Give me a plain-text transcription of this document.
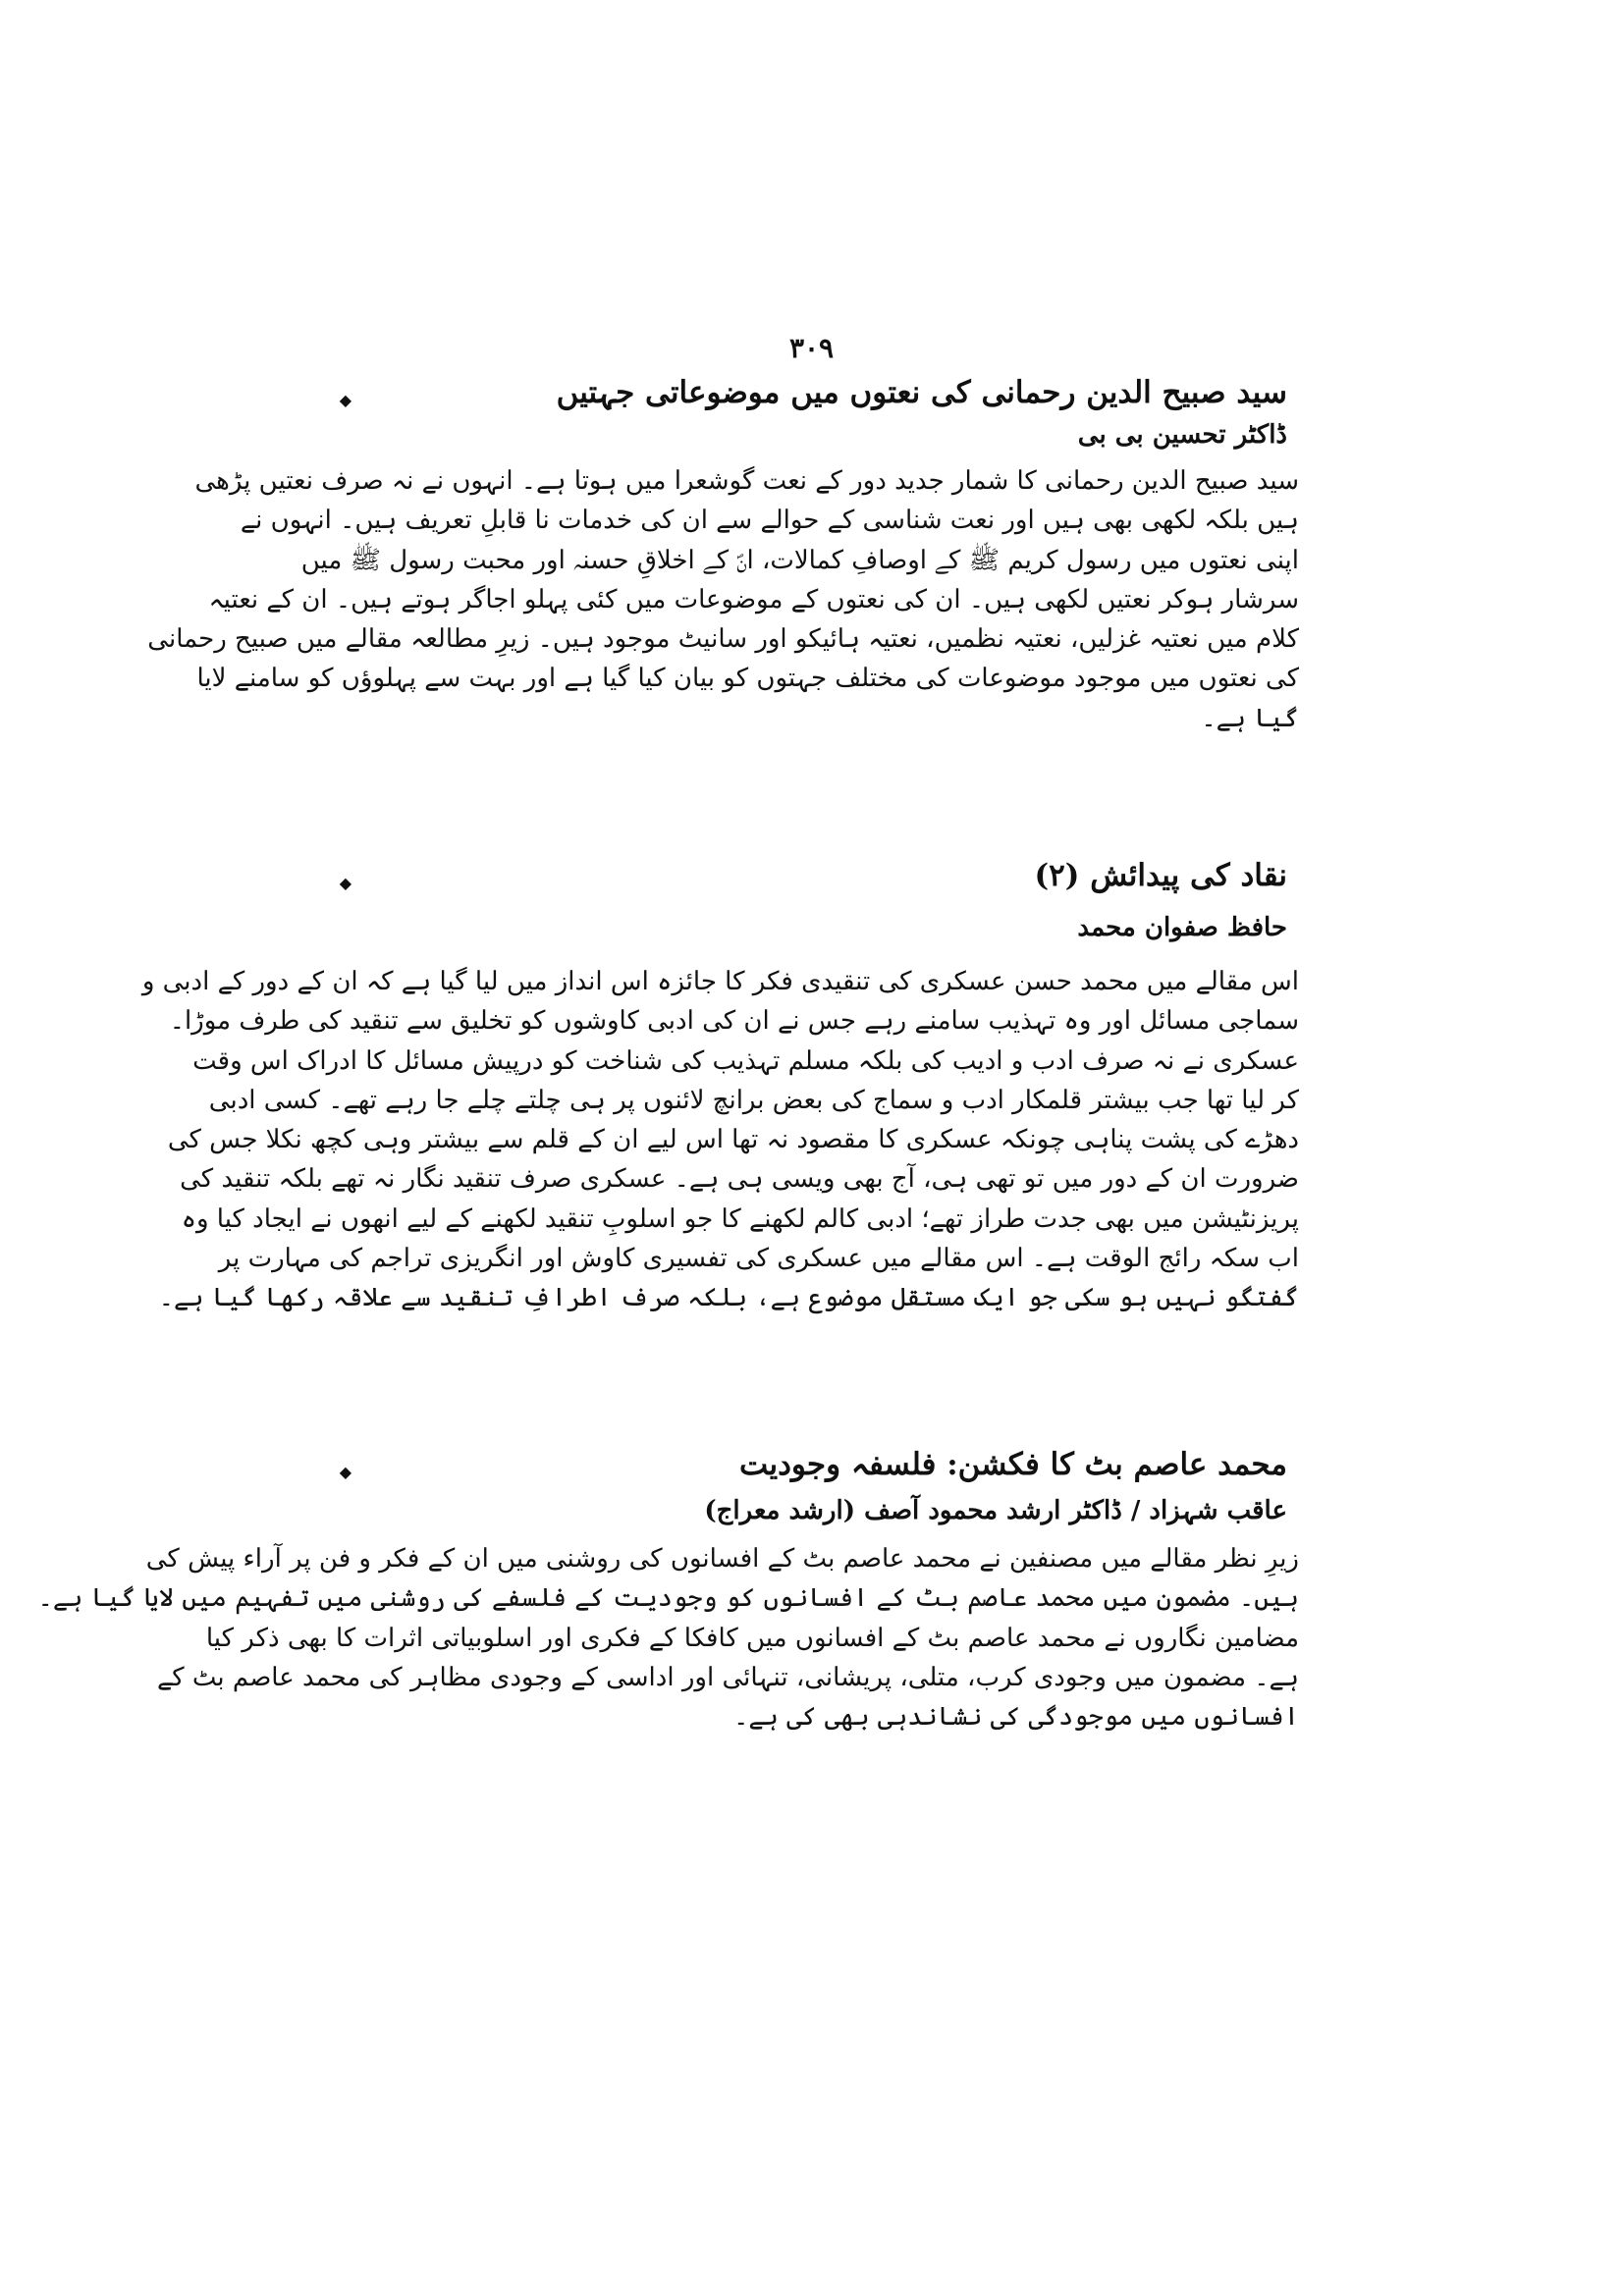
۳۰۹
◆	سید صبیح الدین رحمانی کی نعتوں میں موضوعاتی جہتیں
ڈاکٹر تحسین بی بی
سید صبیح الدین رحمانی کا شمار جدید دور کے نعت گوشعرا میں ہوتا ہے۔ انہوں نے نہ صرف نعتیں پڑھی
ہیں بلکہ لکھی بھی ہیں اور نعت شناسی کے حوالے سے ان کی خدمات نا قابلِ تعریف ہیں۔ انہوں نے
اپنی نعتوں میں رسول کریم ﷺ کے اوصافِ کمالات، انؐ کے اخلاقِ حسنہ اور محبت رسول ﷺ میں
سرشار ہوکر نعتیں لکھی ہیں۔ ان کی نعتوں کے موضوعات میں کئی پہلو اجاگر ہوتے ہیں۔ ان کے نعتیہ
کلام میں نعتیہ غزلیں، نعتیہ نظمیں، نعتیہ ہائیکو اور سانیٹ موجود ہیں۔ زیرِ مطالعہ مقالے میں صبیح رحمانی
کی نعتوں میں موجود موضوعات کی مختلف جہتوں کو بیان کیا گیا ہے اور بہت سے پہلوؤں کو سامنے لایا
گیا ہے۔
◆	نقاد کی پیدائش (۲)
حافظ صفوان محمد
اس مقالے میں محمد حسن عسکری کی تنقیدی فکر کا جائزہ اس انداز میں لیا گیا ہے کہ ان کے دور کے ادبی و
سماجی مسائل اور وہ تہذیب سامنے رہے جس نے ان کی ادبی کاوشوں کو تخلیق سے تنقید کی طرف موڑا۔
عسکری نے نہ صرف ادب و ادیب کی بلکہ مسلم تہذیب کی شناخت کو درپیش مسائل کا ادراک اس وقت
کر لیا تھا جب بیشتر قلمکار ادب و سماج کی بعض برانچ لائنوں پر ہی چلتے چلے جا رہے تھے۔ کسی ادبی
دھڑے کی پشت پناہی چونکہ عسکری کا مقصود نہ تھا اس لیے ان کے قلم سے بیشتر وہی کچھ نکلا جس کی
ضرورت ان کے دور میں تو تھی ہی، آج بھی ویسی ہی ہے۔ عسکری صرف تنقید نگار نہ تھے بلکہ تنقید کی
پریزنٹیشن میں بھی جدت طراز تھے؛ ادبی کالم لکھنے کا جو اسلوبِ تنقید لکھنے کے لیے انھوں نے ایجاد کیا وہ
اب سکہ رائج الوقت ہے۔ اس مقالے میں عسکری کی تفسیری کاوش اور انگریزی تراجم کی مہارت پر
گفتگو نہیں ہو سکی جو ایک مستقل موضوع ہے، بلکہ صرف اطرافِ تنقید سے علاقہ رکھا گیا ہے۔
◆	محمد عاصم بٹ کا فکشن: فلسفہ وجودیت
عاقب شہزاد / ڈاکٹر ارشد محمود آصف (ارشد معراج)
زیرِ نظر مقالے میں مصنفین نے محمد عاصم بٹ کے افسانوں کی روشنی میں ان کے فکر و فن پر آراء پیش کی
ہیں۔ مضمون میں محمد عاصم بٹ کے افسانوں کو وجودیت کے فلسفے کی روشنی میں تفہیم میں لایا گیا ہے۔
مضامین نگاروں نے محمد عاصم بٹ کے افسانوں میں کافکا کے فکری اور اسلوبیاتی اثرات کا بھی ذکر کیا
ہے۔ مضمون میں وجودی کرب، متلی، پریشانی، تنہائی اور اداسی کے وجودی مظاہر کی محمد عاصم بٹ کے
افسانوں میں موجودگی کی نشاندہی بھی کی ہے۔
